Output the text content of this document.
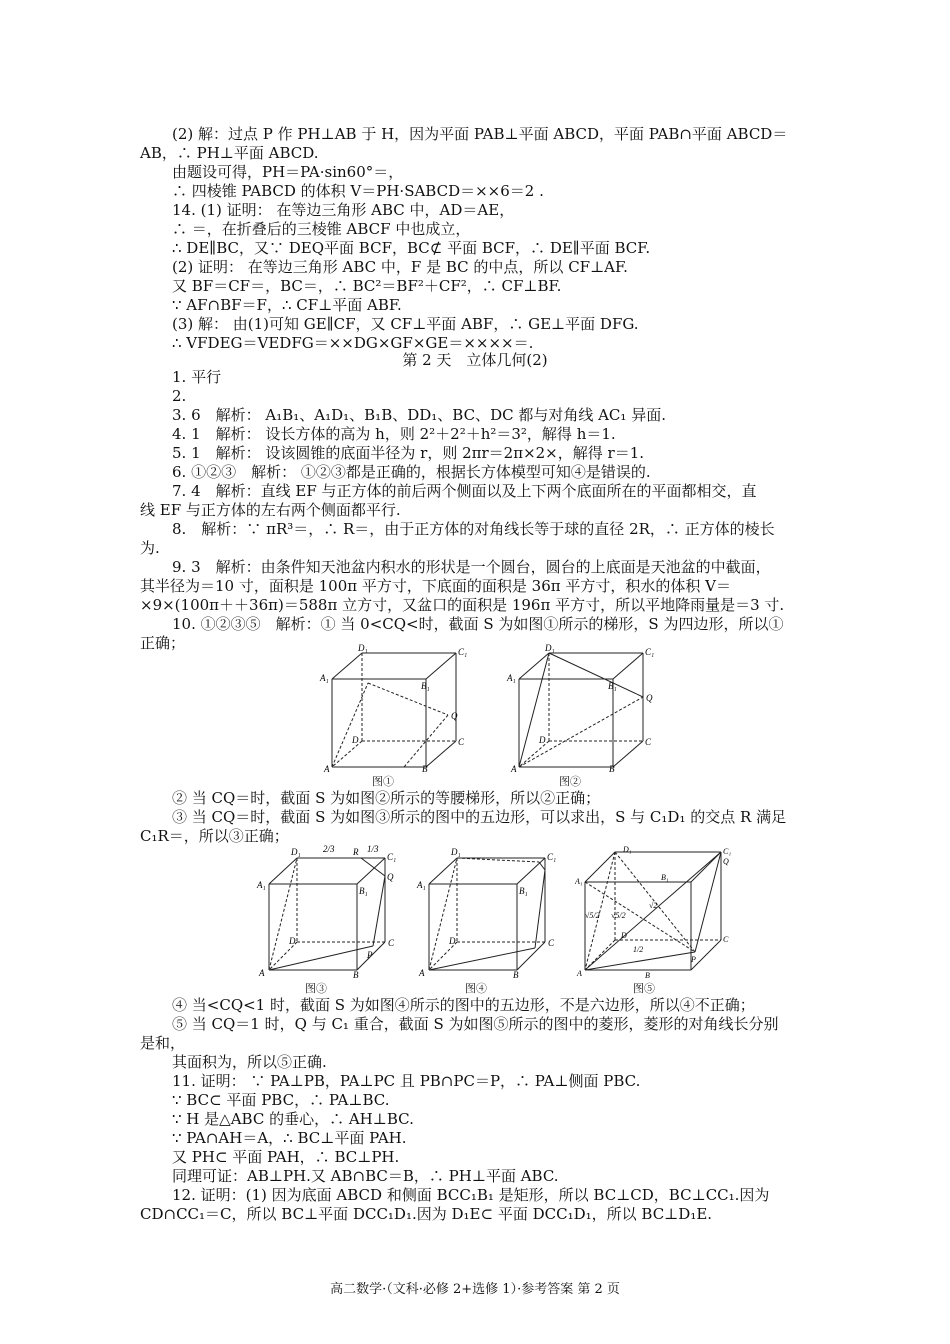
(2) 解：过点 P 作 PH⊥AB 于 H，因为平面 PAB⊥平面 ABCD，平面 PAB∩平面 ABCD＝
AB，∴ PH⊥平面 ABCD.
由题设可得，PH＝PA·sin60°＝，
∴ 四棱锥 PABCD 的体积 V＝PH·SABCD＝××6＝2 .
14. (1) 证明： 在等边三角形 ABC 中，AD＝AE，
∴ ＝，在折叠后的三棱锥 ABCF 中也成立，
∴ DE∥BC，又∵ DEQ平面 BCF，BC⊄ 平面 BCF，∴ DE∥平面 BCF.
(2) 证明： 在等边三角形 ABC 中，F 是 BC 的中点，所以 CF⊥AF.
又 BF＝CF＝，BC＝，∴ BC²＝BF²＋CF²，∴ CF⊥BF.
∵ AF∩BF＝F，∴ CF⊥平面 ABF.
(3) 解： 由(1)可知 GE∥CF，又 CF⊥平面 ABF，∴ GE⊥平面 DFG.
∴ VFDEG＝VEDFG＝××DG×GF×GE＝××××＝.
第 2 天　立体几何(2)
1. 平行
2.
3. 6　解析： A₁B₁、A₁D₁、B₁B、DD₁、BC、DC 都与对角线 AC₁ 异面.
4. 1　解析： 设长方体的高为 h，则 2²＋2²＋h²＝3²，解得 h＝1.
5. 1　解析： 设该圆锥的底面半径为 r，则 2πr＝2π×2×，解得 r＝1.
6. ①②③　解析： ①②③都是正确的，根据长方体模型可知④是错误的.
7. 4　解析：直线 EF 与正方体的前后两个侧面以及上下两个底面所在的平面都相交，直
线 EF 与正方体的左右两个侧面都平行.
8.　解析：∵ πR³＝，∴ R＝，由于正方体的对角线长等于球的直径 2R，∴ 正方体的棱长
为.
9. 3　解析：由条件知天池盆内积水的形状是一个圆台，圆台的上底面是天池盆的中截面，
其半径为＝10 寸，面积是 100π 平方寸，下底面的面积是 36π 平方寸，积水的体积 V＝
×9×(100π＋＋36π)＝588π 立方寸，又盆口的面积是 196π 平方寸，所以平地降雨量是＝3 寸.
10. ①②③⑤　解析：① 当 0<CQ<时，截面 S 为如图①所示的梯形，S 为四边形，所以①
正确；	D₁	C₁
A₁
B₁
Q
C
D
A	B
图①
D₁	C₁
A₁
B₁
Q
C
D
A	B
图②
② 当 CQ＝时，截面 S 为如图②所示的等腰梯形，所以②正确；
③ 当 CQ＝时，截面 S 为如图③所示的图中的五边形，可以求出，S 与 C₁D₁ 的交点 R 满足
C₁R＝，所以③正确；
D₁ 2/3 R 1/3
C₁
A₁
B₁
Q
C
D
P
A	B
图③
D₁	C₁
A₁
B₁
C
D
A	B
图④
D₁	C₁
Q
A₁	B₁
C
D
P
A	B
√5/2 √5/2
√2
1/2
图⑤
④ 当<CQ<1 时，截面 S 为如图④所示的图中的五边形，不是六边形，所以④不正确；
⑤ 当 CQ＝1 时，Q 与 C₁ 重合，截面 S 为如图⑤所示的图中的菱形，菱形的对角线长分别
是和，
其面积为，所以⑤正确.
11. 证明： ∵ PA⊥PB，PA⊥PC 且 PB∩PC＝P，∴ PA⊥侧面 PBC.
∵ BC⊂ 平面 PBC，∴ PA⊥BC.
∵ H 是△ABC 的垂心，∴ AH⊥BC.
∵ PA∩AH＝A，∴ BC⊥平面 PAH.
又 PH⊂ 平面 PAH，∴ BC⊥PH.
同理可证：AB⊥PH.又 AB∩BC＝B，∴ PH⊥平面 ABC.
12. 证明：(1) 因为底面 ABCD 和侧面 BCC₁B₁ 是矩形，所以 BC⊥CD，BC⊥CC₁.因为
CD∩CC₁＝C，所以 BC⊥平面 DCC₁D₁.因为 D₁E⊂ 平面 DCC₁D₁，所以 BC⊥D₁E.
高二数学·（文科·必修 2+选修 1）·参考答案 第 2 页
